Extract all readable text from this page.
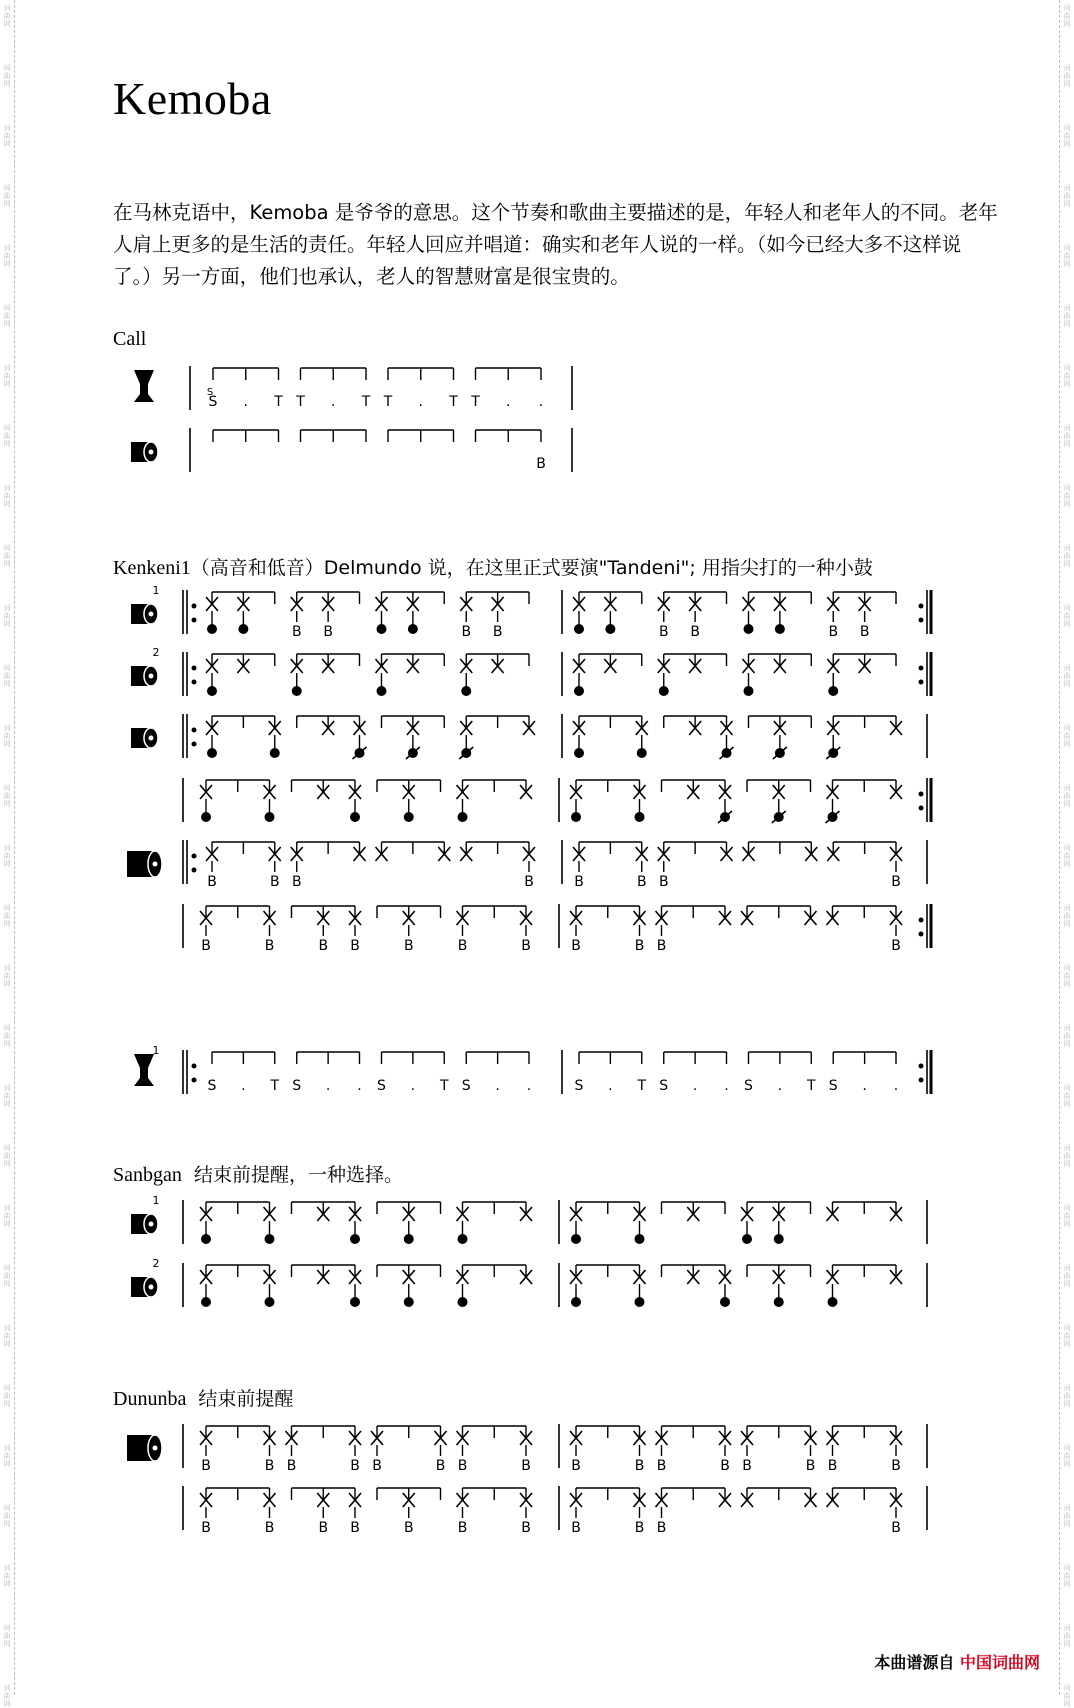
词
曲
网
词
曲
网
词
曲
网
词
曲
网
词
曲
网
词
曲
网
词
曲
网
词
曲
网
词
曲
网
词
曲
网
词
曲
网
词
曲
网
词
曲
网
词
曲
网
词
曲
网
词
曲
网
词
曲
网
词
曲
网
词
曲
网
词
曲
网
词
曲
网
词
曲
网
词
曲
网
词
曲
网
词
曲
网
词
曲
网
词
曲
网
词
曲
网
词
曲
网
词
曲
网
词
曲
网
词
曲
网
词
曲
网
词
曲
网
词
曲
网
词
曲
网
词
曲
网
词
曲
网
词
曲
网
词
曲
网
词
曲
网
词
曲
网
词
曲
网
词
曲
网
词
曲
网
词
曲
网
词
曲
网
词
曲
网
词
曲
网
词
曲
网
词
曲
网
词
曲
网
词
曲
网
词
曲
网
词
曲
网
词
曲
网
词
曲
网
词
曲
网
Kemoba

在马林克语中，Kemoba 是爷爷的意思。这个节奏和歌曲主要描述的是，年轻人和老年人的不同。老年人肩上更多的是生活的责任。年轻人回应并唱道：确实和老年人说的一样。（如今已经大多不这样说了。）另一方面，他们也承认，老人的智慧财富是很宝贵的。

Call
Kenkeni1（高音和低音）Delmundo 说，在这里正式要演"Tandeni"; 用指尖打的一种小鼓
Sanbgan 结束前提醒，一种选择。
Dununba 结束前提醒
S . T T . T T . T T . .
S
B
1
B B	B B	B B	B B
2
B	B B	B	B	B B	B
B	B	B B	B	B	B	B	B B	B
1
S . T S . . S . T S . .	S . T S . . S . T S . .
1
2
B	B B	B B	B B	B	B	B B	B B	B B	B
B	B	B B	B	B	B	B	B B	B
本曲谱源自 中国词曲网
